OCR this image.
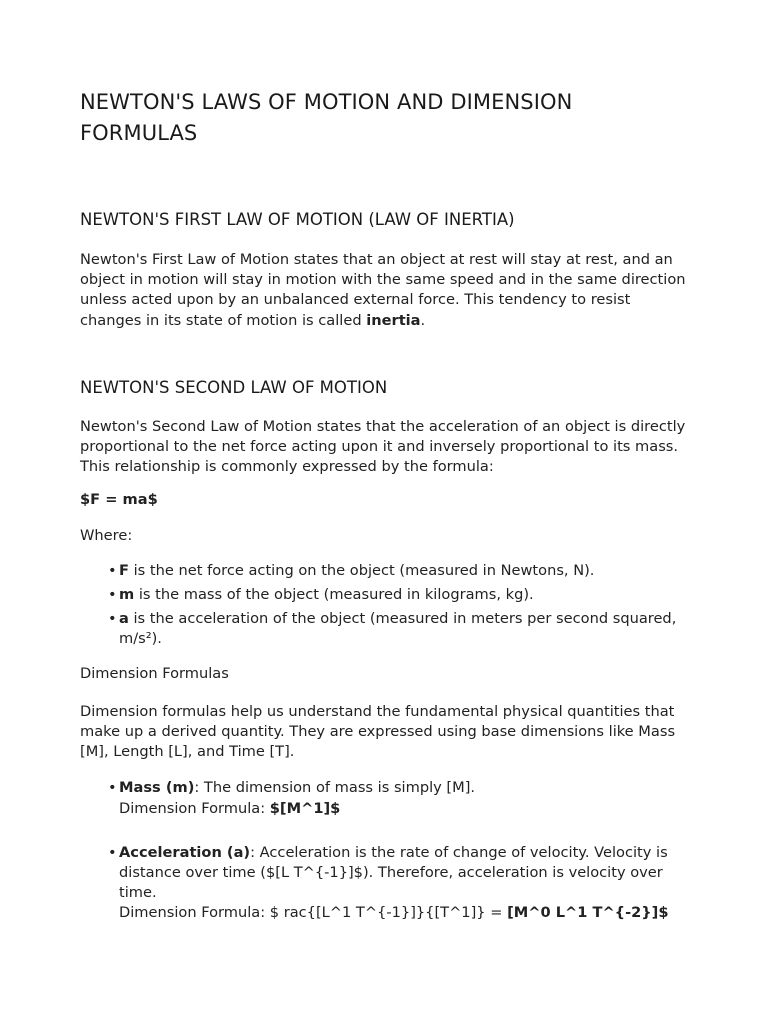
NEWTON'S LAWS OF MOTION AND DIMENSION FORMULAS
NEWTON'S FIRST LAW OF MOTION (LAW OF INERTIA)

Newton's First Law of Motion states that an object at rest will stay at rest, and an object in motion will stay in motion with the same speed and in the same direction unless acted upon by an unbalanced external force. This tendency to resist changes in its state of motion is called inertia.

NEWTON'S SECOND LAW OF MOTION

Newton's Second Law of Motion states that the acceleration of an object is directly proportional to the net force acting upon it and inversely proportional to its mass. This relationship is commonly expressed by the formula:

$F = ma$

Where:

• F is the net force acting on the object (measured in Newtons, N).
• m is the mass of the object (measured in kilograms, kg).
• a is the acceleration of the object (measured in meters per second squared, m/s²).

Dimension Formulas

Dimension formulas help us understand the fundamental physical quantities that make up a derived quantity. They are expressed using base dimensions like Mass [M], Length [L], and Time [T].

• Mass (m): The dimension of mass is simply [M].
Dimension Formula: $[M^1]$
• Acceleration (a): Acceleration is the rate of change of velocity. Velocity is distance over time ($[L T^{-1}]$). Therefore, acceleration is velocity over time.
Dimension Formula: $ rac{[L^1 T^{-1}]}{[T^1]} = [M^0 L^1 T^{-2}]$
